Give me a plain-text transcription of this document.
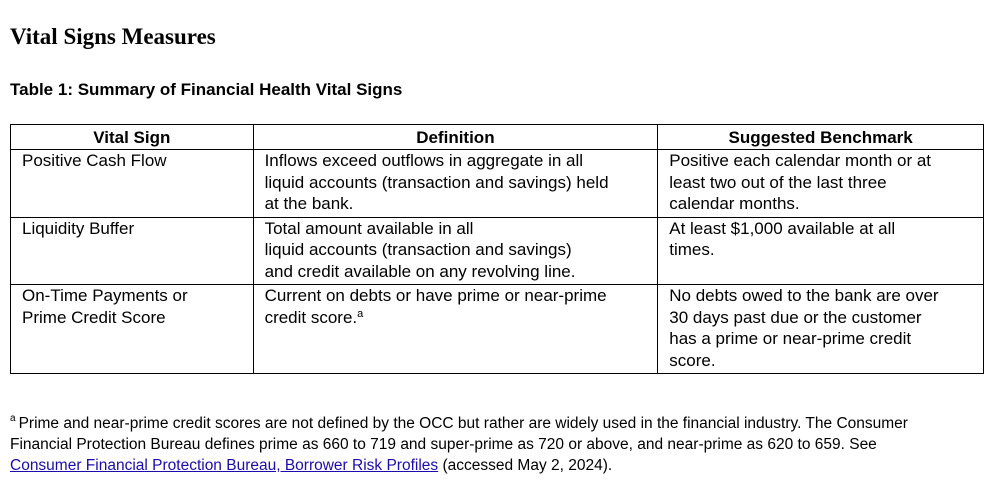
Vital Signs Measures
Table 1: Summary of Financial Health Vital Signs
Vital Sign	Definition	Suggested Benchmark

Positive Cash Flow	Inflows exceed outflows in aggregate in all
liquid accounts (transaction and savings) held
at the bank.	Positive each calendar month or at
least two out of the last three
calendar months.

Liquidity Buffer	Total amount available in all
liquid accounts (transaction and savings)
and credit available on any revolving line.	At least $1,000 available at all
times.

On-Time Payments or
Prime Credit Score	Current on debts or have prime or near-prime
credit score.$^a$	No debts owed to the bank are over
30 days past due or the customer
has a prime or near-prime credit
score.
$^a$ Prime and near-prime credit scores are not defined by the OCC but rather are widely used in the financial industry. The Consumer
Financial Protection Bureau defines prime as 660 to 719 and super-prime as 720 or above, and near-prime as 620 to 659. See
Consumer Financial Protection Bureau, Borrower Risk Profiles (accessed May 2, 2024).
